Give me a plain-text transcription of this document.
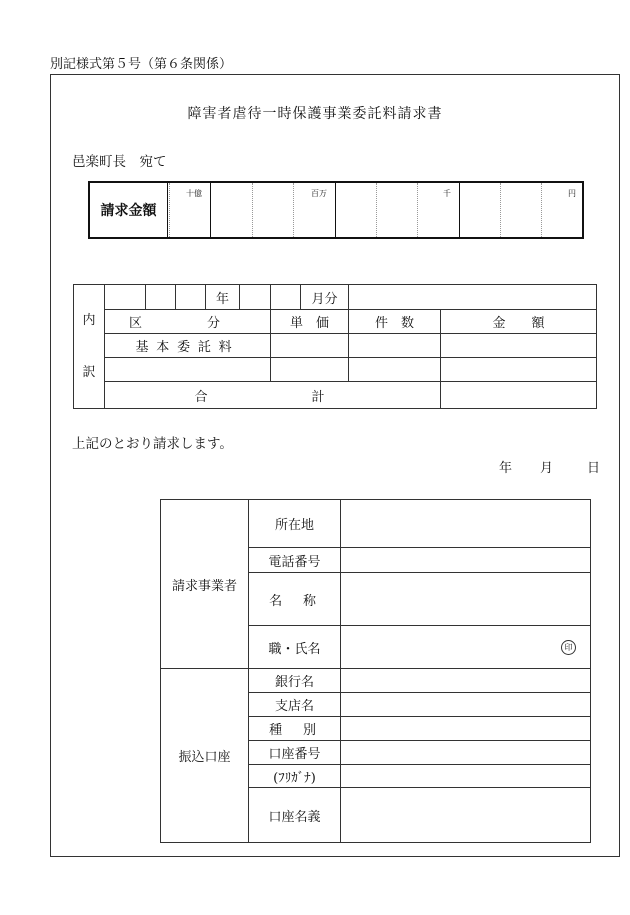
別記様式第５号（第６条関係）
障害者虐待一時保護事業委託料請求書
邑楽町長　宛て
請求金額
十億	百万	千	円
内

訳				年			月分		
	区　分					単　価		件　数	金　　額
	基本委託料								

	合　　計								
上記のとおり請求します。
年 月	日
請求事業者	所在地	
	電話番号	
	名　称	
	職・氏名	印
振込口座	銀行名	
	支店名	
	種　別	
	口座番号	
	(ﾌﾘｶﾞﾅ)	
	口座名義	
